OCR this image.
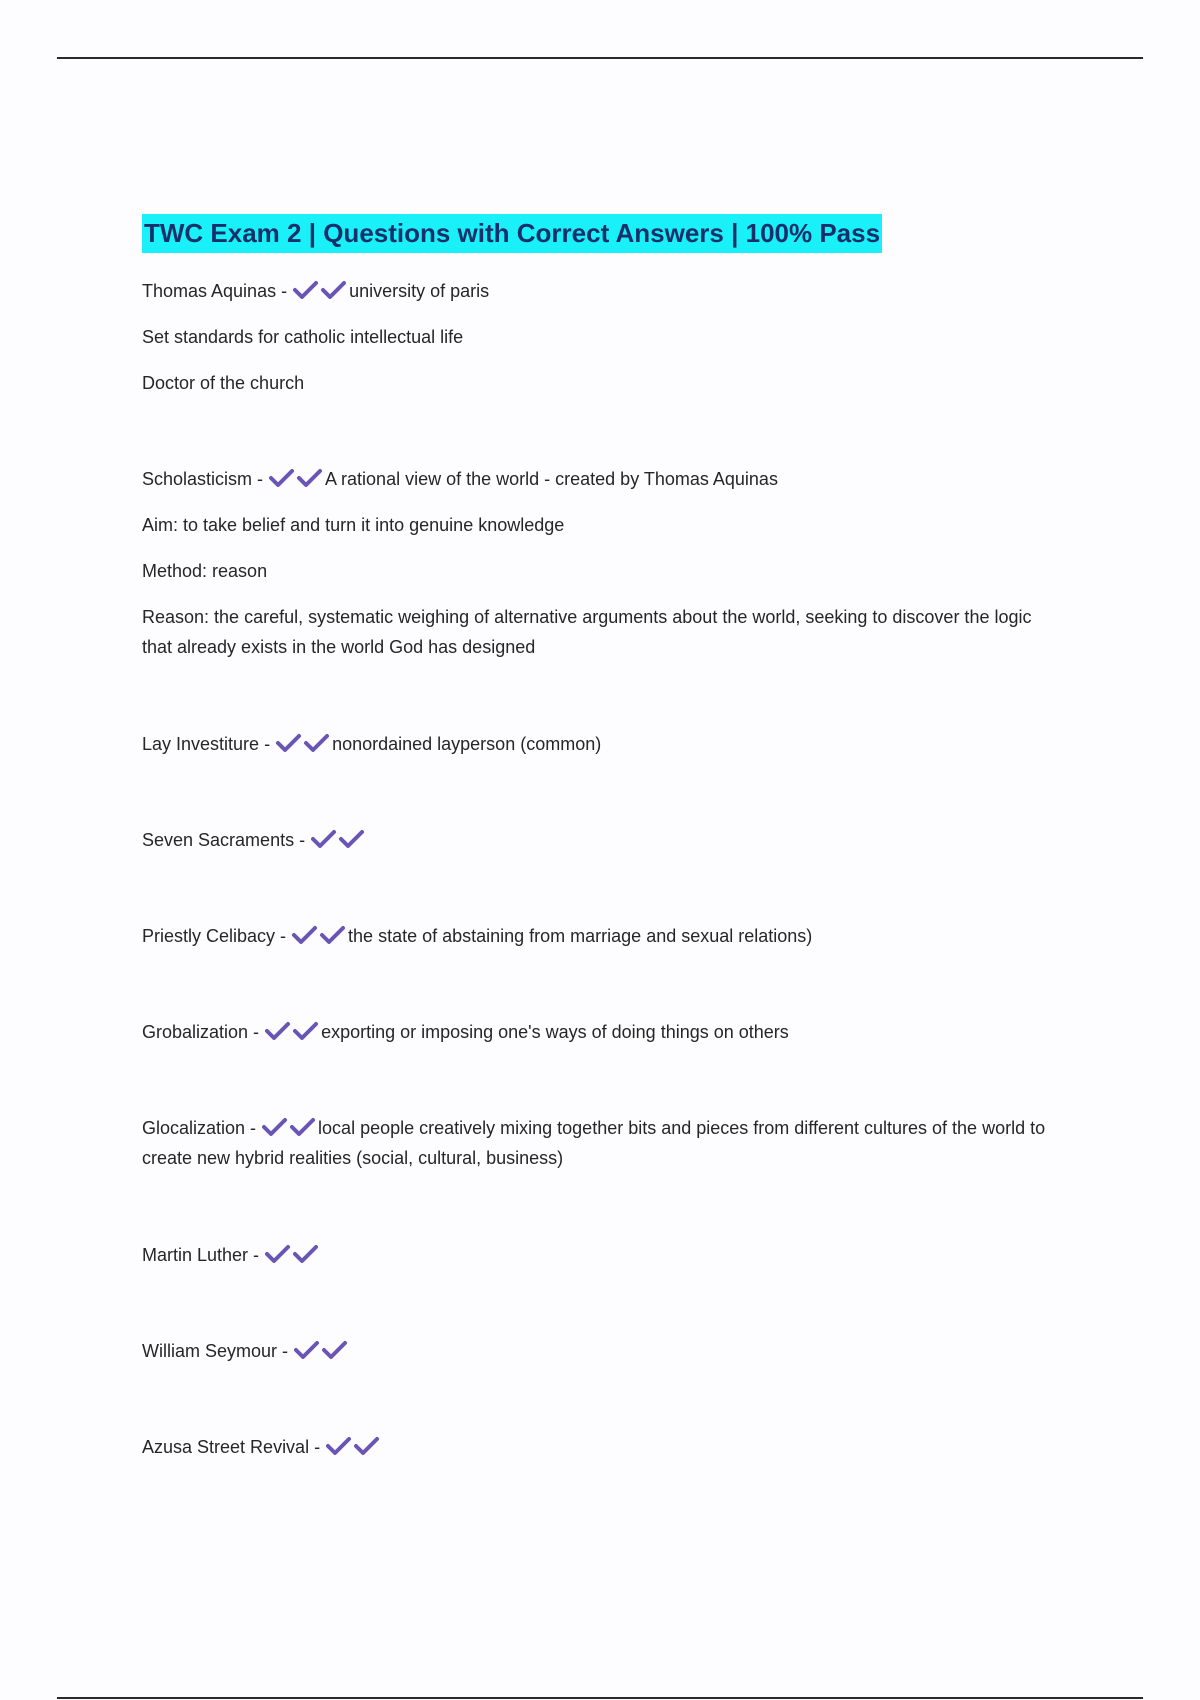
TWC Exam 2 | Questions with Correct Answers | 100% Pass

Thomas Aquinas -	university of paris

Set standards for catholic intellectual life

Doctor of the church

Scholasticism -	A rational view of the world - created by Thomas Aquinas

Aim: to take belief and turn it into genuine knowledge

Method: reason

Reason: the careful, systematic weighing of alternative arguments about the world, seeking to discover the logic that already exists in the world God has designed

Lay Investiture -	nonordained layperson (common)

Seven Sacraments -

Priestly Celibacy -	the state of abstaining from marriage and sexual relations)

Grobalization -	exporting or imposing one's ways of doing things on others

Glocalization -	local people creatively mixing together bits and pieces from different cultures of the world to create new hybrid realities (social, cultural, business)

Martin Luther -

William Seymour -

Azusa Street Revival -
